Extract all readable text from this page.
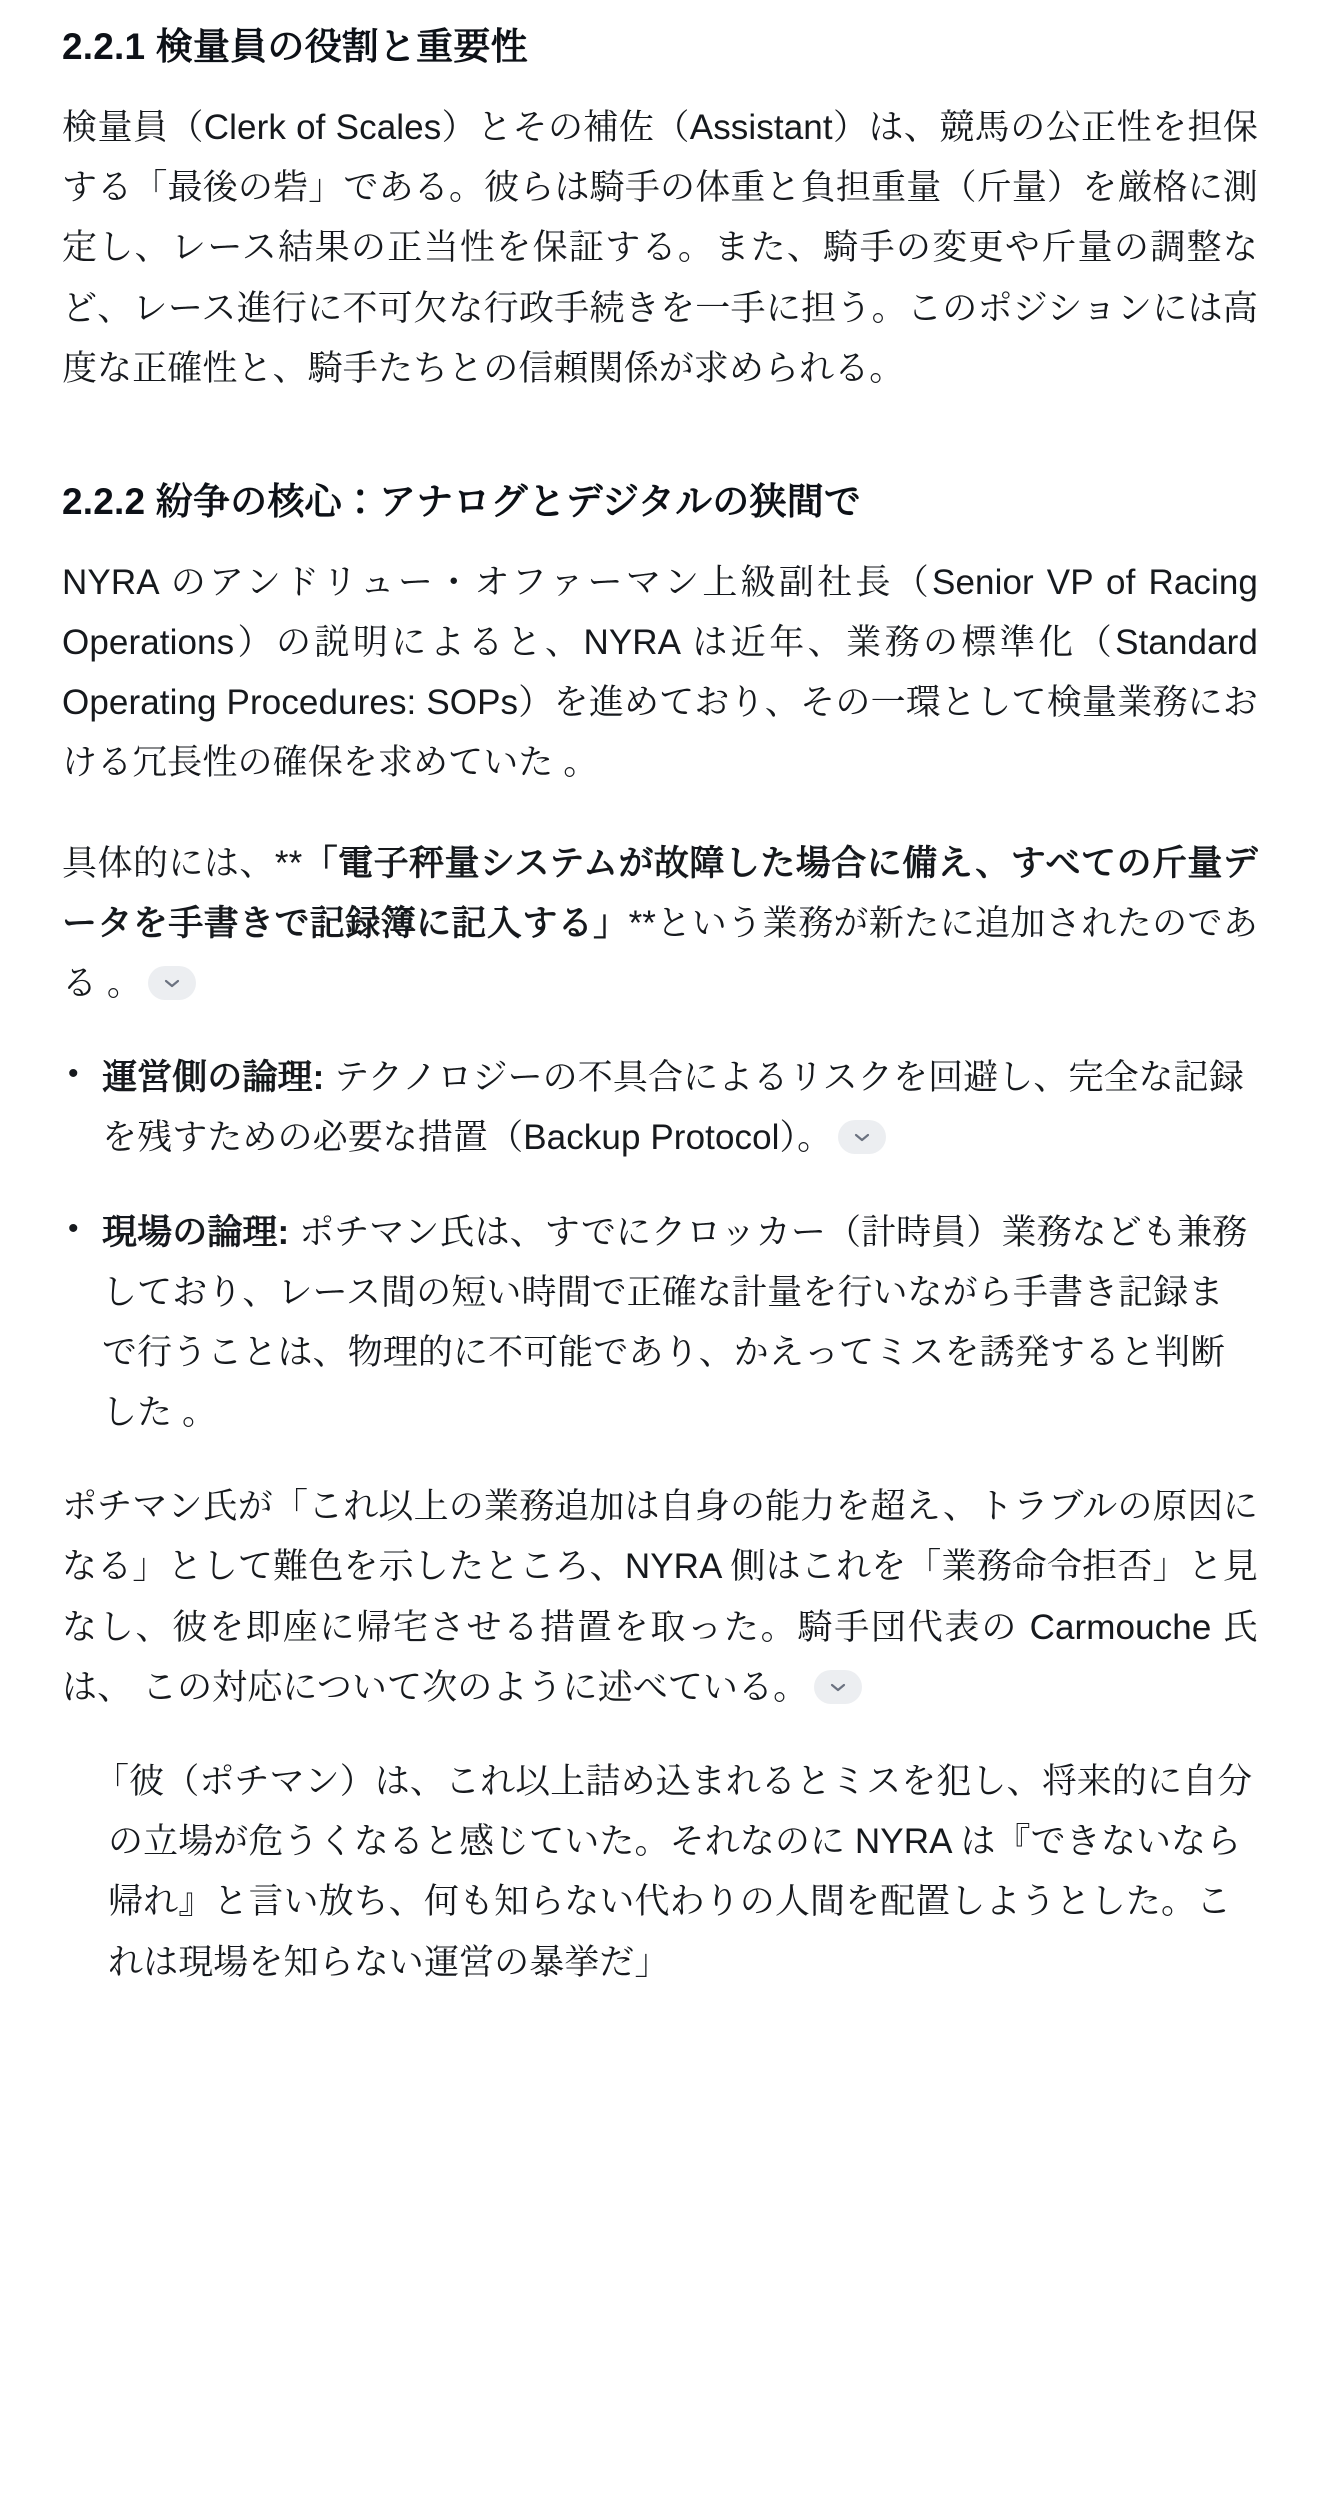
2.2.1 検量員の役割と重要性

検量員（Clerk of Scales）とその補佐（Assistant）は、競馬の公正性を担保する「最後の砦」である。彼らは騎手の体重と負担重量（斤量）を厳格に測定し、レース結果の正当性を保証する。また、騎手の変更や斤量の調整など、レース進行に不可欠な行政手続きを一手に担う。このポジションには高度な正確性と、騎手たちとの信頼関係が求められる。

2.2.2 紛争の核心：アナログとデジタルの狭間で

NYRA のアンドリュー・オファーマン上級副社長（Senior VP of Racing Operations）の説明によると、NYRA は近年、業務の標準化（Standard Operating Procedures: SOPs）を進めており、その一環として検量業務における冗長性の確保を求めていた 。

具体的には、**「電子秤量システムが故障した場合に備え、すべての斤量データを手書きで記録簿に記入する」**という業務が新たに追加されたのである 。

• 運営側の論理: テクノロジーの不具合によるリスクを回避し、完全な記録を残すための必要な措置（Backup Protocol）。
• 現場の論理: ポチマン氏は、すでにクロッカー（計時員）業務なども兼務しており、レース間の短い時間で正確な計量を行いながら手書き記録まで行うことは、物理的に不可能であり、かえってミスを誘発すると判断した 。

ポチマン氏が「これ以上の業務追加は自身の能力を超え、トラブルの原因になる」として難色を示したところ、NYRA 側はこれを「業務命令拒否」と見なし、彼を即座に帰宅させる措置を取った。騎手団代表の Carmouche 氏は、 この対応について次のように述べている。

「彼（ポチマン）は、これ以上詰め込まれるとミスを犯し、将来的に自分の立場が危うくなると感じていた。それなのに NYRA は『できないなら帰れ』と言い放ち、何も知らない代わりの人間を配置しようとした。これは現場を知らない運営の暴挙だ」
